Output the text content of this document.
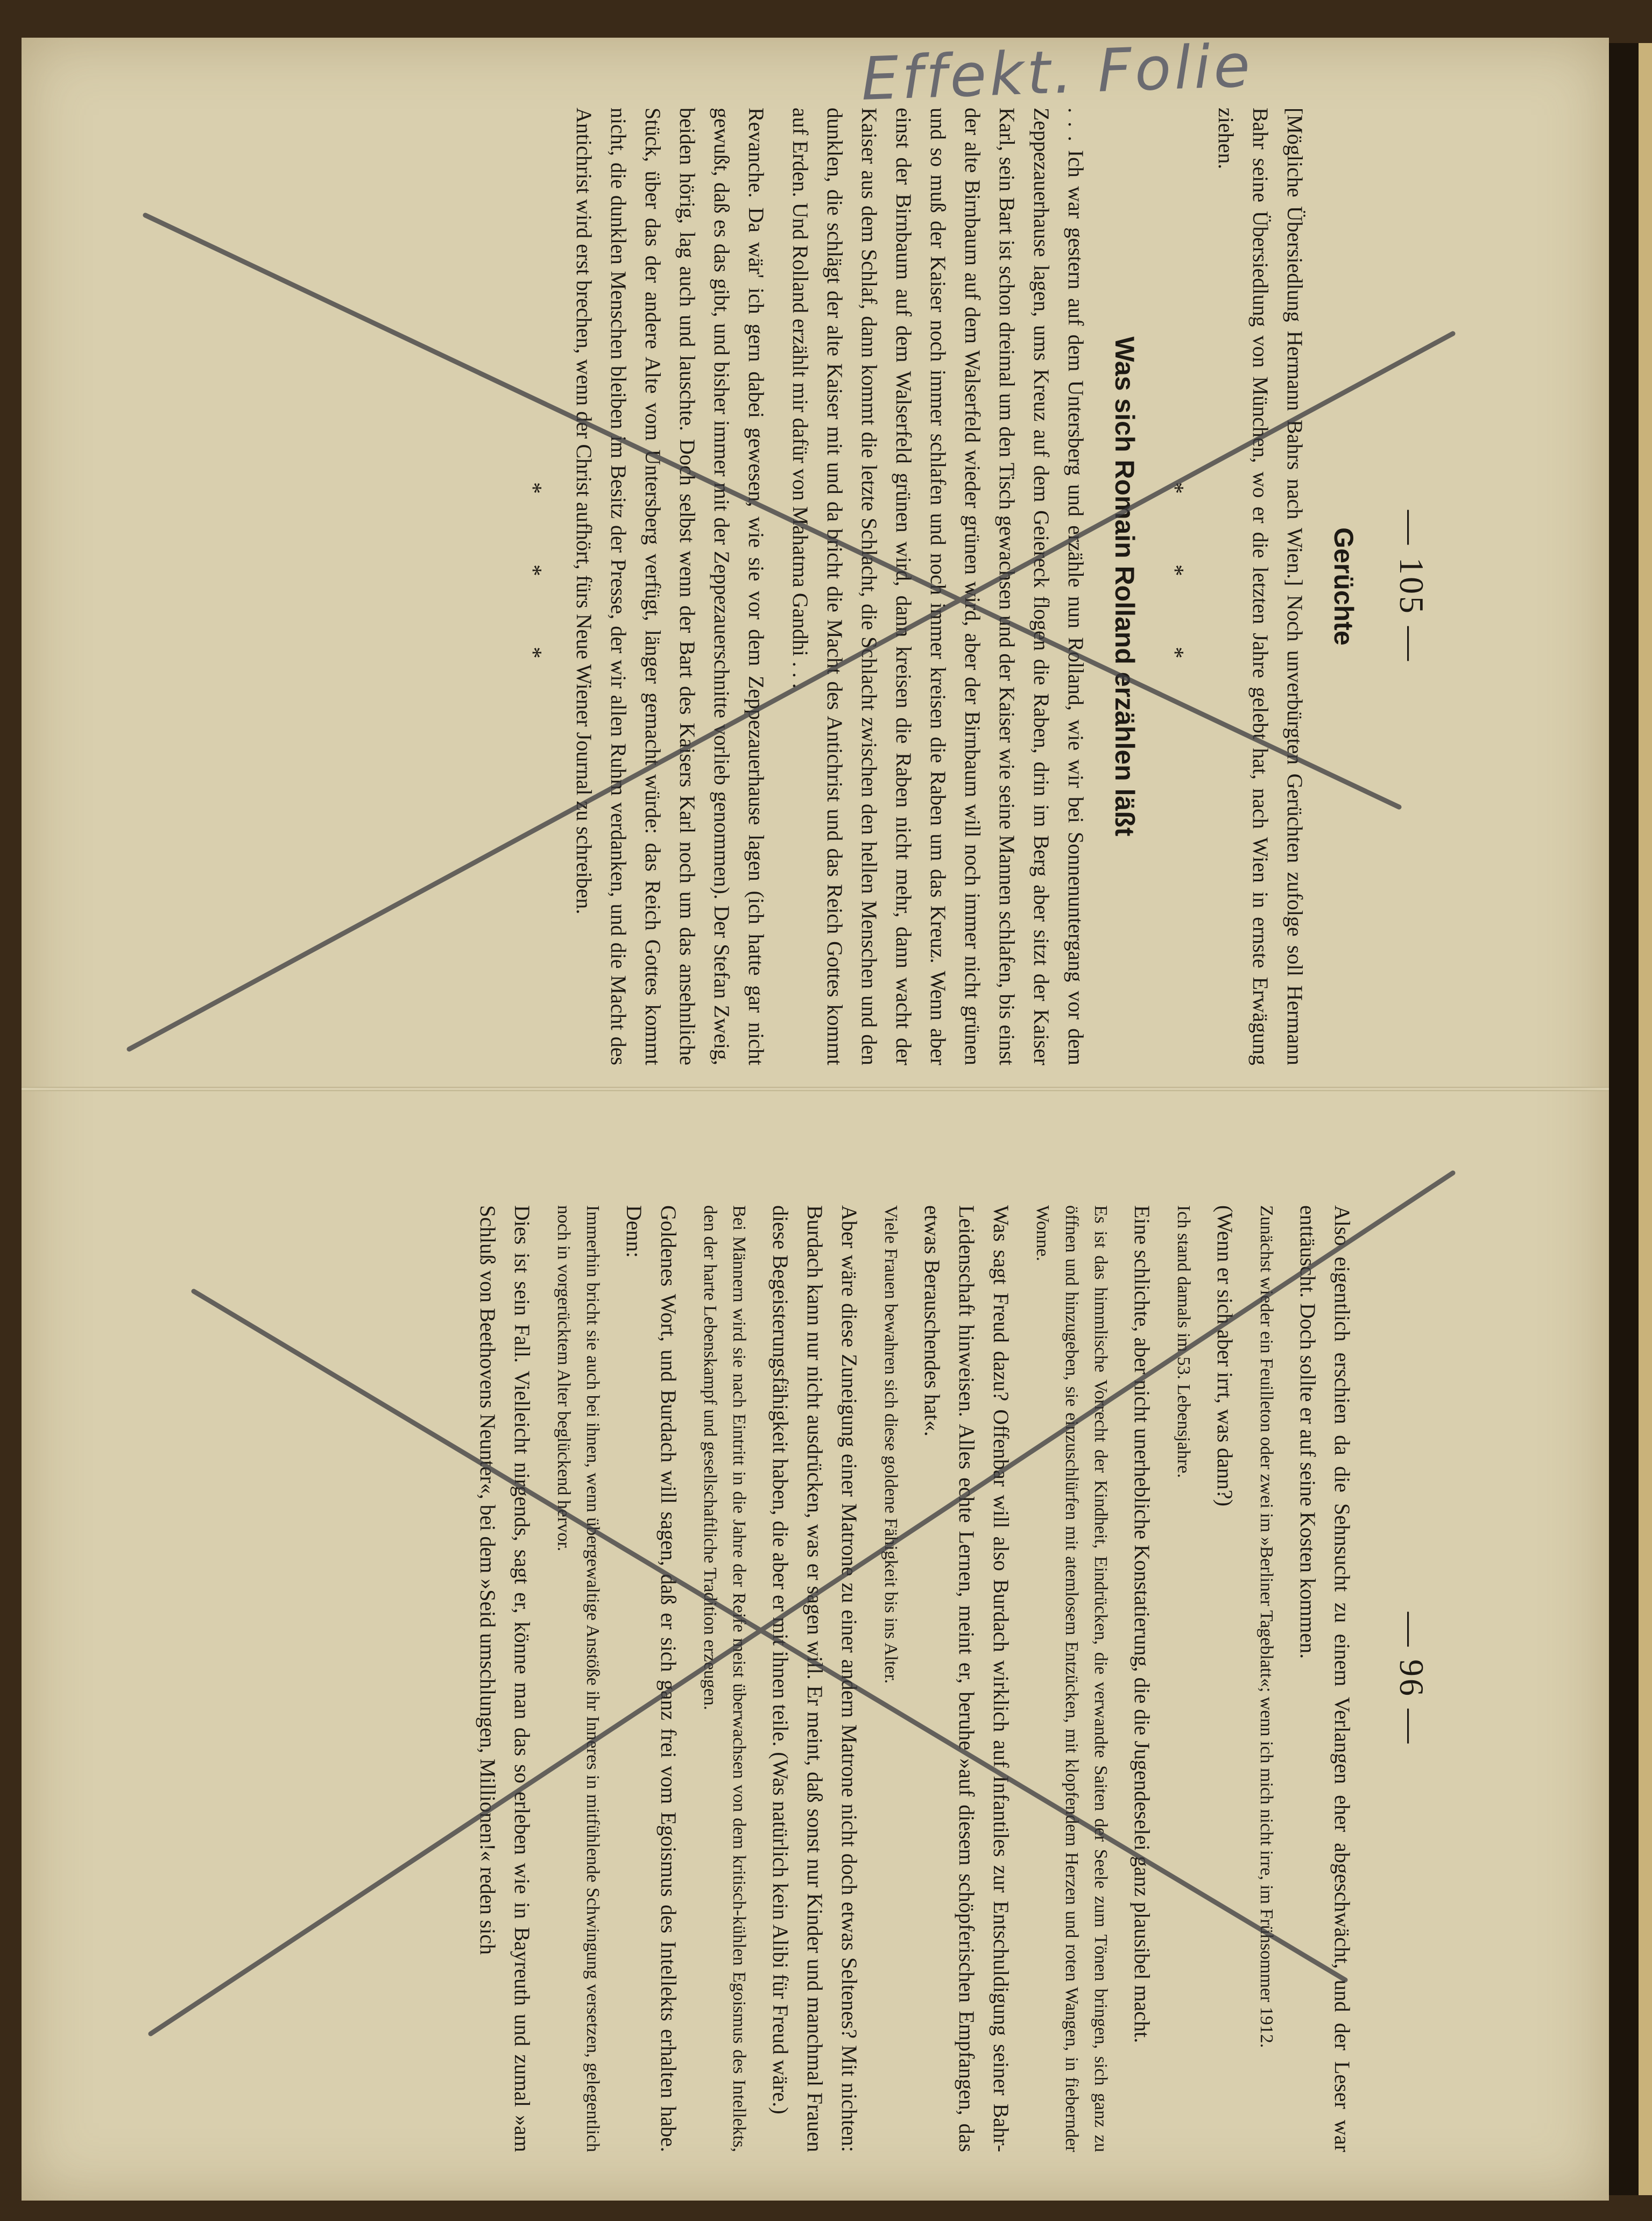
Effekt. Folie
— 105 —
Gerüchte

[Mögliche Übersiedlung Hermann Bahrs nach Wien.] Noch unverbürgten Gerüchten zufolge soll Hermann Bahr seine Übersiedlung von München, wo er die letzten Jahre gelebt hat, nach Wien in ernste Erwägung ziehen.

* * *
Was sich Romain Rolland erzählen läßt

. . . Ich war gestern auf dem Untersberg und erzähle nun Rolland, wie wir bei Sonnenuntergang vor dem Zeppezauerhause lagen, ums Kreuz auf dem Geiereck flogen die Raben, drin im Berg aber sitzt der Kaiser Karl, sein Bart ist schon dreimal um den Tisch gewachsen und der Kaiser wie seine Mannen schlafen, bis einst der alte Birnbaum auf dem Walserfeld wieder grünen wird, aber der Birnbaum will noch immer nicht grünen und so muß der Kaiser noch immer schlafen und noch immer kreisen die Raben um das Kreuz. Wenn aber einst der Birnbaum auf dem Walserfeld grünen wird, dann kreisen die Raben nicht mehr, dann wacht der Kaiser aus dem Schlaf, dann kommt die letzte Schlacht, die Schlacht zwischen den hellen Menschen und den dunklen, die schlägt der alte Kaiser mit und da bricht die Macht des Antichrist und das Reich Gottes kommt auf Erden. Und Rolland erzählt mir dafür von Mahatma Gandhi . . .

Revanche. Da wär' ich gern dabei gewesen, wie sie vor dem Zeppezauerhause lagen (ich hatte gar nicht gewußt, daß es das gibt, und bisher immer mit der Zeppezauerschnitte vorlieb genommen). Der Stefan Zweig, beiden hörig, lag auch und lauschte. Doch selbst wenn der Bart des Kaisers Karl noch um das ansehnliche Stück, über das der andere Alte vom Untersberg verfügt, länger gemacht würde: das Reich Gottes kommt nicht, die dunklen Menschen bleiben im Besitz der Presse, der wir allen Ruhm verdanken, und die Macht des Antichrist wird erst brechen, wenn der Christ aufhört, fürs Neue Wiener Journal zu schreiben.

* * *
— 96 —

Also eigentlich erschien da die Sehnsucht zu einem Verlangen eher abgeschwächt, und der Leser war enttäuscht. Doch sollte er auf seine Kosten kommen.

Zunächst wieder ein Feuilleton oder zwei im »Berliner Tageblatt«; wenn ich mich nicht irre, im Frühsommer 1912.

(Wenn er sich aber irrt, was dann?)

Ich stand damals im 53. Lebensjahre.

Eine schlichte, aber nicht unerhebliche Konstatierung, die die Jugendeselei ganz plausibel macht.

Es ist das himmlische Vorrecht der Kindheit, Eindrücken, die verwandte Saiten der Seele zum Tönen bringen, sich ganz zu öffnen und hinzugeben, sie einzuschlürfen mit atemlosem Entzücken, mit klopfendem Herzen und roten Wangen, in fiebernder Wonne.

Was sagt Freud dazu? Offenbar will also Burdach wirklich auf Infantiles zur Entschuldigung seiner Bahr-Leidenschaft hinweisen. Alles echte Lernen, meint er, beruhe »auf diesem schöpferischen Empfangen, das etwas Berauschendes hat«.

Viele Frauen bewahren sich diese goldene Fähigkeit bis ins Alter.

Aber wäre diese Zuneigung einer Matrone zu einer andern Matrone nicht doch etwas Seltenes? Mit nichten: Burdach kann nur nicht ausdrücken, was er sagen will. Er meint, daß sonst nur Kinder und manchmal Frauen diese Begeisterungsfähigkeit haben, die aber er mit ihnen teile. (Was natürlich kein Alibi für Freud wäre.)

Bei Männern wird sie nach Eintritt in die Jahre der Reife meist überwachsen von dem kritisch-kühlen Egoismus des Intellekts, den der harte Lebenskampf und gesellschaftliche Tradition erzeugen.

Goldenes Wort, und Burdach will sagen, daß er sich ganz frei vom Egoismus des Intellekts erhalten habe. Denn:

Immerhin bricht sie auch bei ihnen, wenn übergewaltige Anstöße ihr Inneres in mitfühlende Schwingung versetzen, gelegentlich noch in vorgerücktem Alter beglückend hervor.

Dies ist sein Fall. Vielleicht nirgends, sagt er, könne man das so erleben wie in Bayreuth und zumal »am Schluß von Beethovens Neunter«, bei dem »Seid umschlungen, Millionen!« reden sich
